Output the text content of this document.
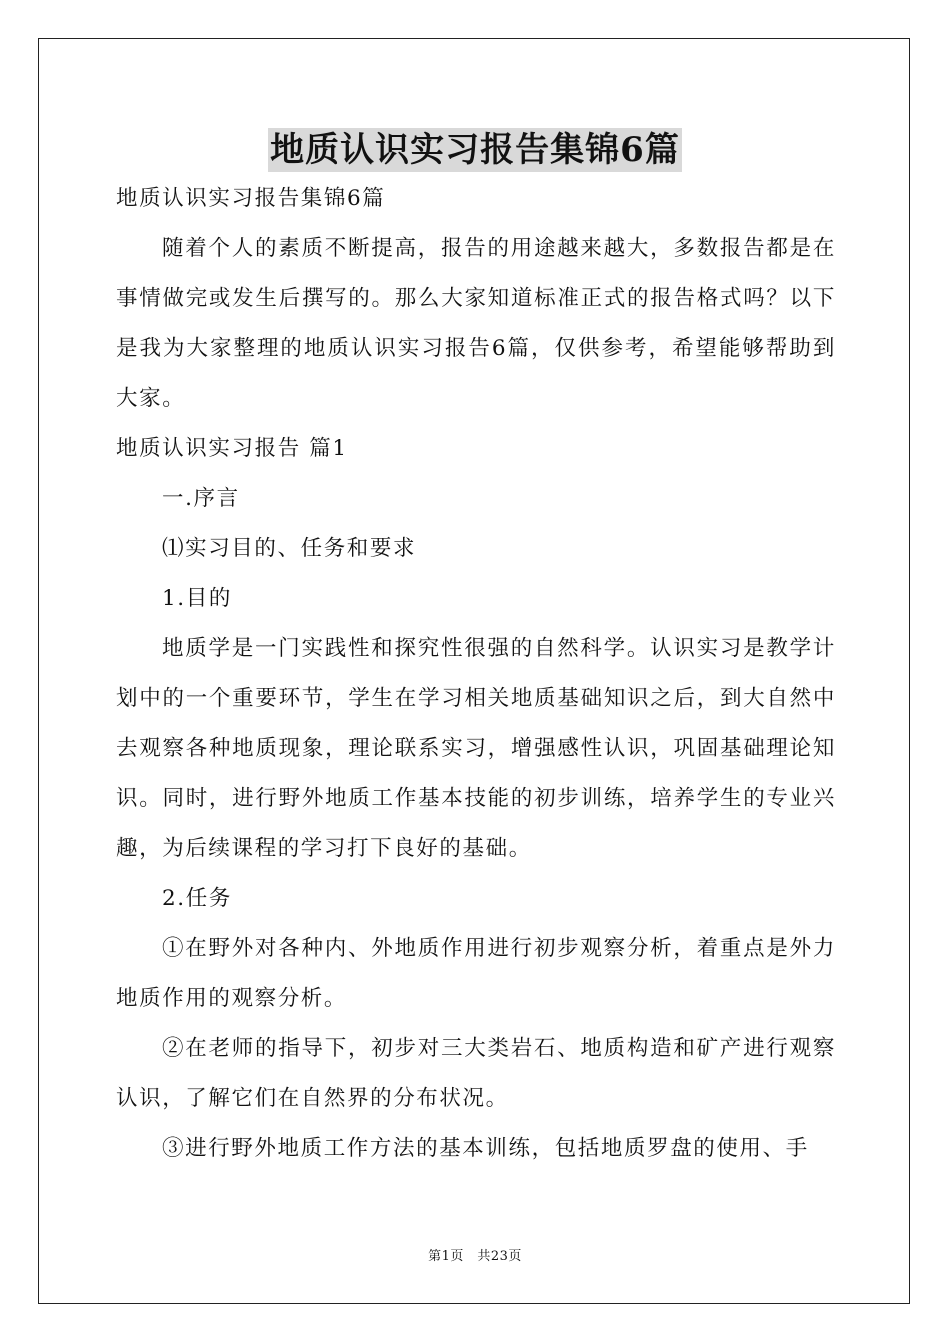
地质认识实习报告集锦6篇

地质认识实习报告集锦6篇

随着个人的素质不断提高，报告的用途越来越大，多数报告都是在事情做完或发生后撰写的。那么大家知道标准正式的报告格式吗？以下是我为大家整理的地质认识实习报告6篇，仅供参考，希望能够帮助到大家。

地质认识实习报告 篇1

一.序言

⑴实习目的、任务和要求

1.目的

地质学是一门实践性和探究性很强的自然科学。认识实习是教学计划中的一个重要环节，学生在学习相关地质基础知识之后，到大自然中去观察各种地质现象，理论联系实习，增强感性认识，巩固基础理论知识。同时，进行野外地质工作基本技能的初步训练，培养学生的专业兴趣，为后续课程的学习打下良好的基础。

2.任务

①在野外对各种内、外地质作用进行初步观察分析，着重点是外力地质作用的观察分析。

②在老师的指导下，初步对三大类岩石、地质构造和矿产进行观察认识，了解它们在自然界的分布状况。

③进行野外地质工作方法的基本训练，包括地质罗盘的使用、手

第1页　共23页
